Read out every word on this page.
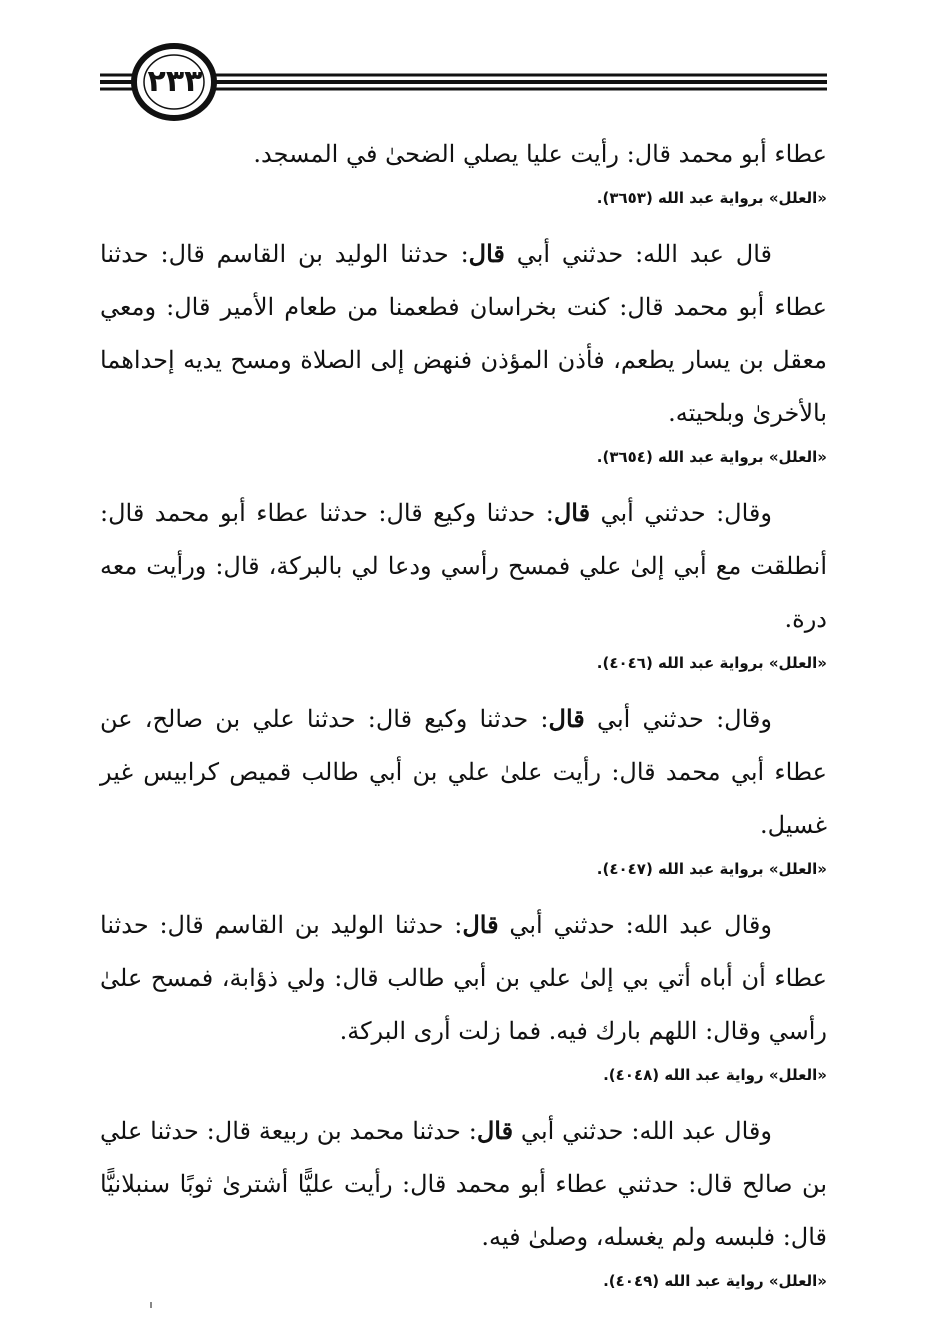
٢٣٣

عطاء أبو محمد قال: رأيت عليا يصلي الضحىٰ في المسجد.

«العلل» برواية عبد الله (٣٦٥٣).

قال عبد الله: حدثني أبي قال: حدثنا الوليد بن القاسم قال: حدثنا عطاء أبو محمد قال: كنت بخراسان فطعمنا من طعام الأمير قال: ومعي معقل بن يسار يطعم، فأذن المؤذن فنهض إلى الصلاة ومسح يديه إحداهما بالأخرىٰ وبلحيته.

«العلل» برواية عبد الله (٣٦٥٤).

وقال: حدثني أبي قال: حدثنا وكيع قال: حدثنا عطاء أبو محمد قال: أنطلقت مع أبي إلىٰ علي فمسح رأسي ودعا لي بالبركة، قال: ورأيت معه درة.

«العلل» برواية عبد الله (٤٠٤٦).

وقال: حدثني أبي قال: حدثنا وكيع قال: حدثنا علي بن صالح، عن عطاء أبي محمد قال: رأيت علىٰ علي بن أبي طالب قميص كرابيس غير غسيل.

«العلل» برواية عبد الله (٤٠٤٧).

وقال عبد الله: حدثني أبي قال: حدثنا الوليد بن القاسم قال: حدثنا عطاء أن أباه أتي بي إلىٰ علي بن أبي طالب قال: ولي ذؤابة، فمسح علىٰ رأسي وقال: اللهم بارك فيه. فما زلت أرى البركة.

«العلل» رواية عبد الله (٤٠٤٨).

وقال عبد الله: حدثني أبي قال: حدثنا محمد بن ربيعة قال: حدثنا علي بن صالح قال: حدثني عطاء أبو محمد قال: رأيت عليًّا أشترىٰ ثوبًا سنبلانيًّا قال: فلبسه ولم يغسله، وصلىٰ فيه.

«العلل» رواية عبد الله (٤٠٤٩).
